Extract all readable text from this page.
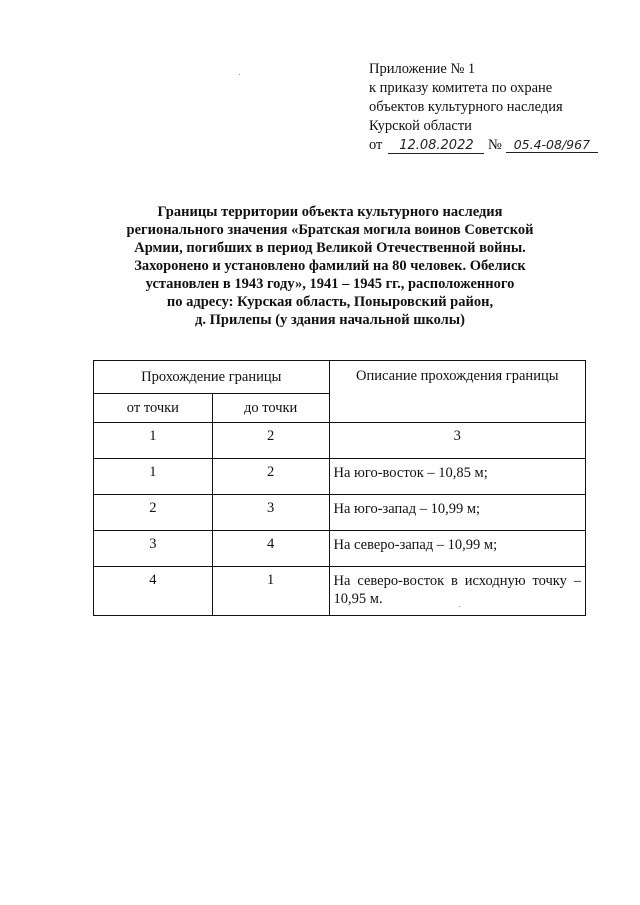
Приложение № 1
к приказу комитета по охране
объектов культурного наследия
Курской области
от 12.08.2022 № 05.4-08/967
Границы территории объекта культурного наследия
регионального значения «Братская могила воинов Советской
Армии, погибших в период Великой Отечественной войны.
Захоронено и установлено фамилий на 80 человек. Обелиск
установлен в 1943 году», 1941 – 1945 гг., расположенного
по адресу: Курская область, Поныровский район,
д. Прилепы (у здания начальной школы)
Прохождение границы		Описание прохождения границы
от точки	до точки	
1	2	3
1	2	На юго-восток – 10,85 м;
2	3	На юго-запад – 10,99 м;
3	4	На северо-запад – 10,99 м;
4	1	На северо-восток в исходную точку – 10,95 м.
